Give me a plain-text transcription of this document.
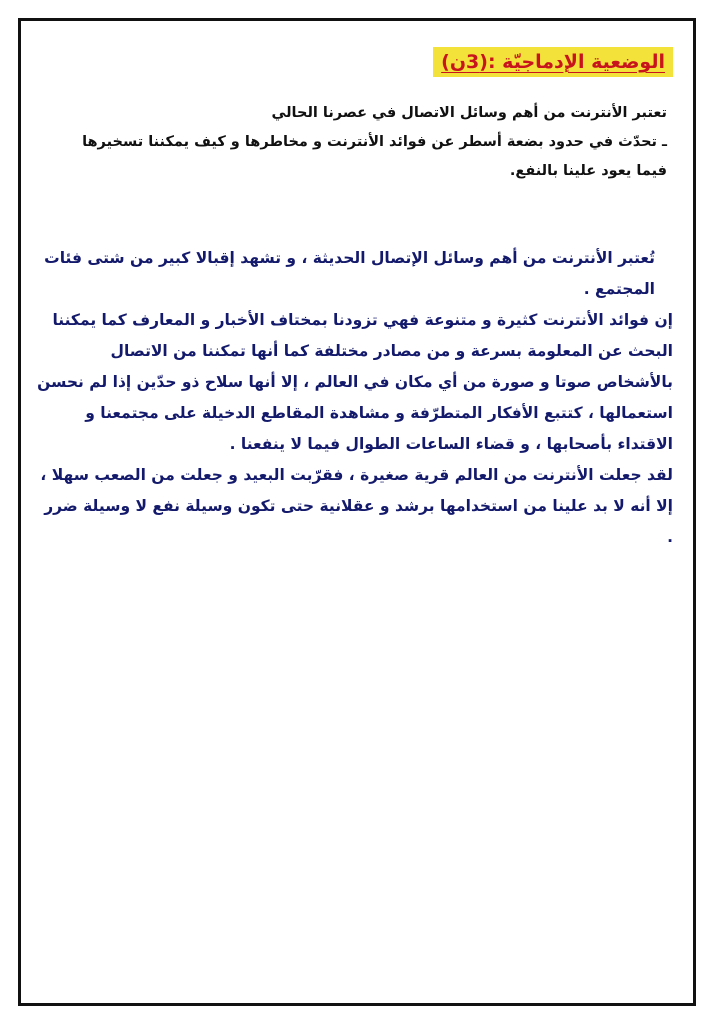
الوضعية الإدماجيّة :(3ن)

تعتبر الأنترنت من أهم وسائل الاتصال في عصرنا الحالي

ـ تحدّث في حدود بضعة أسطر عن فوائد الأنترنت و مخاطرها و كيف يمكننا تسخيرها فيما يعود علينا بالنفع.

تُعتبر الأنترنت من أهم وسائل الإتصال الحديثة ، و تشهد إقبالا كبير من شتى فئات المجتمع .

إن فوائد الأنترنت كثيرة و متنوعة فهي تزودنا بمختاف الأخبار و المعارف كما يمكننا البحث عن المعلومة بسرعة و من مصادر مختلفة كما أنها تمكننا من الاتصال بالأشخاص صوتا و صورة من أي مكان في العالم ، إلا أنها سلاح ذو حدّين إذا لم نحسن استعمالها ، كتتبع الأفكار المتطرّفة و مشاهدة المقاطع الدخيلة على مجتمعنا و الاقتداء بأصحابها ، و قضاء الساعات الطوال فيما لا ينفعنا .

لقد جعلت الأنترنت من العالم قرية صغيرة ، فقرّبت البعيد و جعلت من الصعب سهلا ، إلا أنه لا بد علينا من استخدامها برشد و عقلانية حتى تكون وسيلة نفع لا وسيلة ضرر .
